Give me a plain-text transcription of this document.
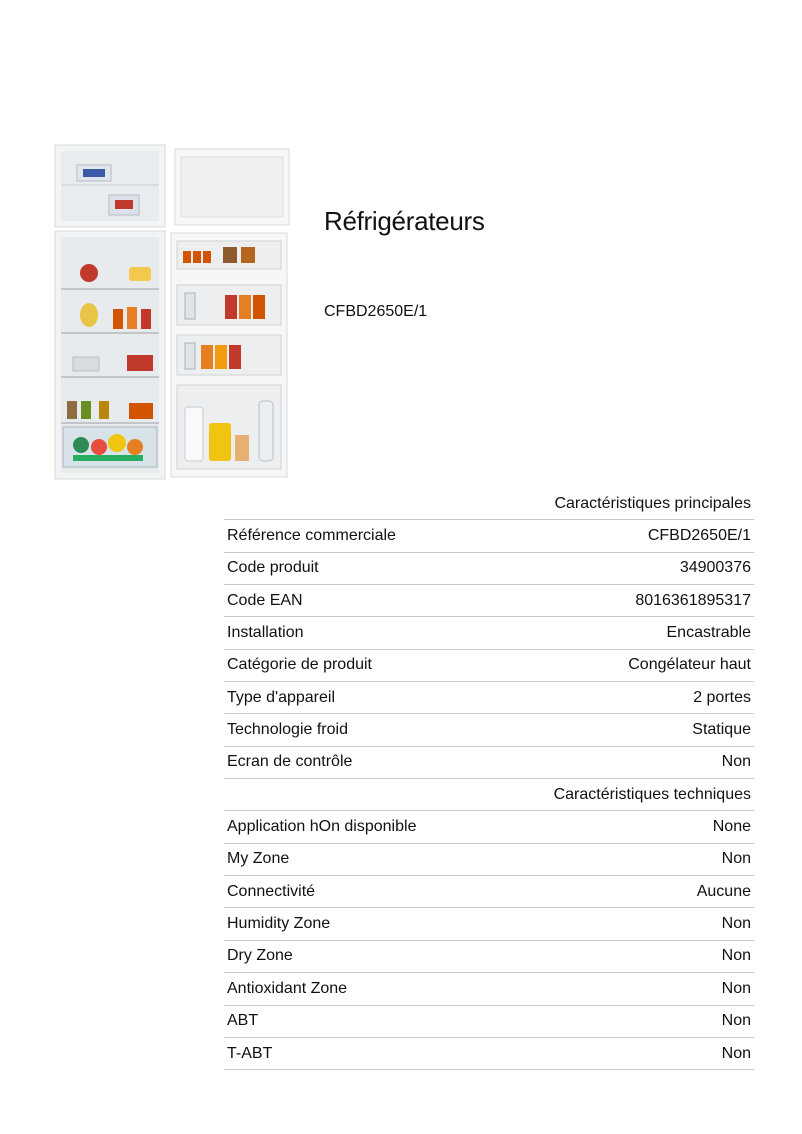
Réfrigérateurs
CFBD2650E/1
Caractéristiques principales
Référence commerciale	CFBD2650E/1
Code produit	34900376
Code EAN	8016361895317
Installation	Encastrable
Catégorie de produit	Congélateur haut
Type d'appareil	2 portes
Technologie froid	Statique
Ecran de contrôle	Non
Caractéristiques techniques
Application hOn disponible	None
My Zone	Non
Connectivité	Aucune
Humidity Zone	Non
Dry Zone	Non
Antioxidant Zone	Non
ABT	Non
T-ABT	Non
